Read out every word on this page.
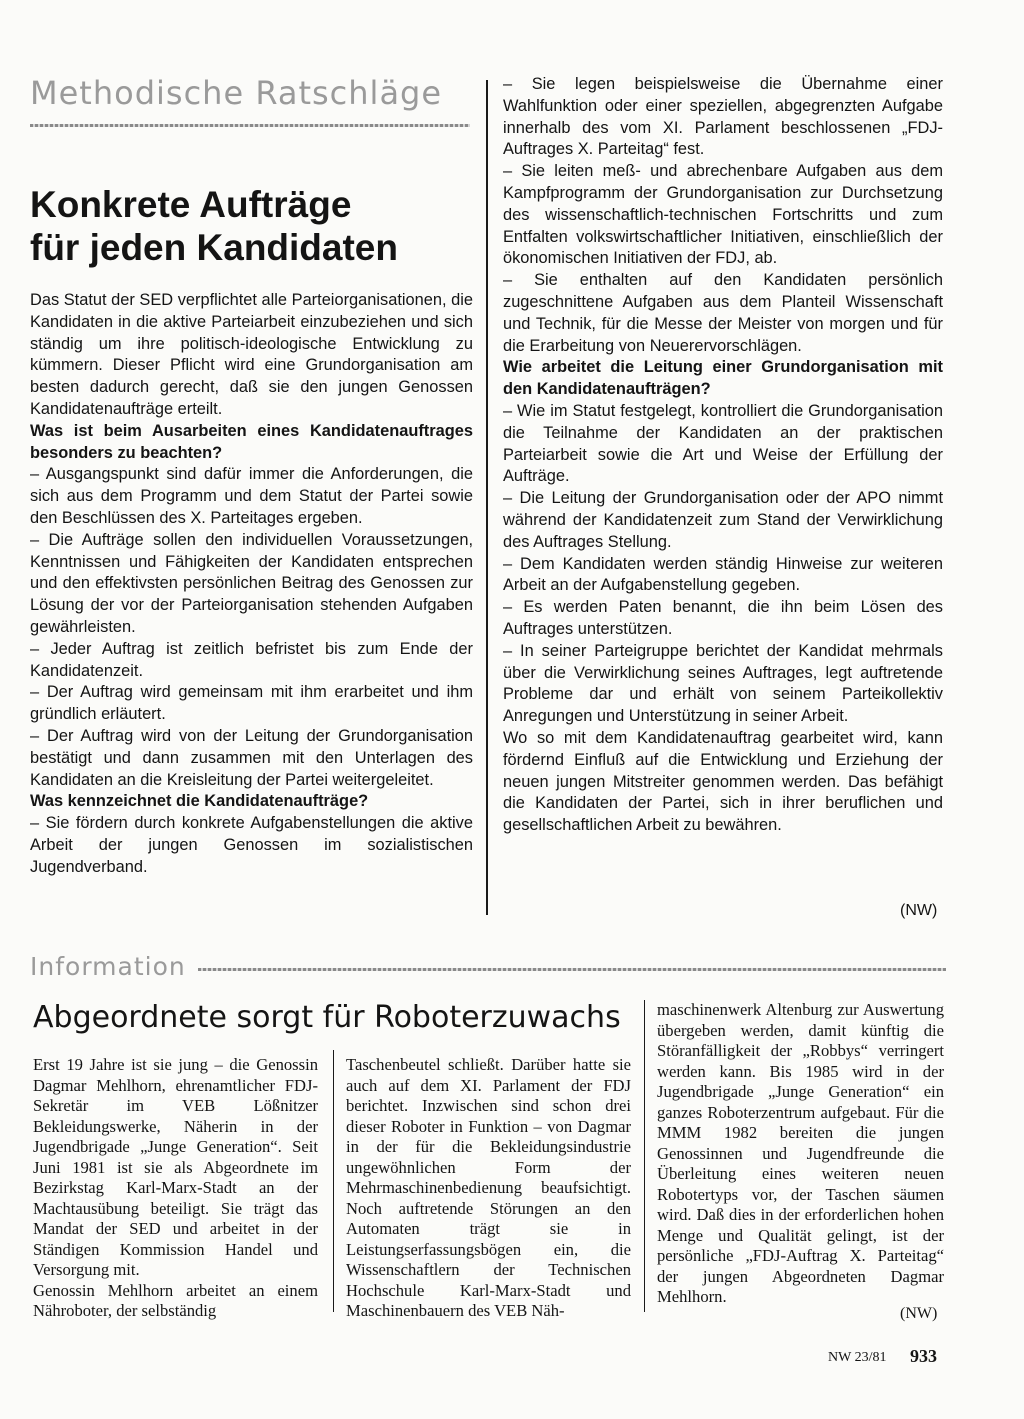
Methodische Ratschläge
Konkrete Aufträge
für jeden Kandidaten

Das Statut der SED verpflichtet alle Parteiorganisationen, die Kandidaten in die aktive Parteiarbeit einzubeziehen und sich ständig um ihre politisch-ideologische Entwicklung zu kümmern. Dieser Pflicht wird eine Grundorganisation am besten dadurch gerecht, daß sie den jungen Genossen Kandidatenaufträge erteilt.

Was ist beim Ausarbeiten eines Kandidatenauftrages besonders zu beachten?

– Ausgangspunkt sind dafür immer die Anforderungen, die sich aus dem Programm und dem Statut der Partei sowie den Beschlüssen des X. Parteitages ergeben.

– Die Aufträge sollen den individuellen Voraussetzungen, Kenntnissen und Fähigkeiten der Kandidaten entsprechen und den effektivsten persönlichen Beitrag des Genossen zur Lösung der vor der Parteiorganisation stehenden Aufgaben gewährleisten.

– Jeder Auftrag ist zeitlich befristet bis zum Ende der Kandidatenzeit.

– Der Auftrag wird gemeinsam mit ihm erarbeitet und ihm gründlich erläutert.

– Der Auftrag wird von der Leitung der Grundorganisation bestätigt und dann zusammen mit den Unterlagen des Kandidaten an die Kreisleitung der Partei weitergeleitet.

Was kennzeichnet die Kandidatenaufträge?

– Sie fördern durch konkrete Aufgabenstellungen die aktive Arbeit der jungen Genossen im sozialistischen Jugendverband.

– Sie legen beispielsweise die Übernahme einer Wahlfunktion oder einer speziellen, abgegrenzten Aufgabe innerhalb des vom XI. Parlament beschlossenen „FDJ-Auftrages X. Parteitag“ fest.

– Sie leiten meß- und abrechenbare Aufgaben aus dem Kampfprogramm der Grundorganisation zur Durchsetzung des wissenschaftlich-technischen Fortschritts und zum Entfalten volkswirtschaftlicher Initiativen, einschließlich der ökonomischen Initiativen der FDJ, ab.

– Sie enthalten auf den Kandidaten persönlich zugeschnittene Aufgaben aus dem Planteil Wissenschaft und Technik, für die Messe der Meister von morgen und für die Erarbeitung von Neuerervorschlägen.

Wie arbeitet die Leitung einer Grundorganisation mit den Kandidatenaufträgen?

– Wie im Statut festgelegt, kontrolliert die Grundorganisation die Teilnahme der Kandidaten an der praktischen Parteiarbeit sowie die Art und Weise der Erfüllung der Aufträge.

– Die Leitung der Grundorganisation oder der APO nimmt während der Kandidatenzeit zum Stand der Verwirklichung des Auftrages Stellung.

– Dem Kandidaten werden ständig Hinweise zur weiteren Arbeit an der Aufgabenstellung gegeben.

– Es werden Paten benannt, die ihn beim Lösen des Auftrages unterstützen.

– In seiner Parteigruppe berichtet der Kandidat mehrmals über die Verwirklichung seines Auftrages, legt auftretende Probleme dar und erhält von seinem Parteikollektiv Anregungen und Unterstützung in seiner Arbeit.

Wo so mit dem Kandidatenauftrag gearbeitet wird, kann fördernd Einfluß auf die Entwicklung und Erziehung der neuen jungen Mitstreiter genommen werden. Das befähigt die Kandidaten der Partei, sich in ihrer beruflichen und gesellschaftlichen Arbeit zu bewähren.

(NW)
Information
Abgeordnete sorgt für Roboterzuwachs

Erst 19 Jahre ist sie jung – die Genossin Dagmar Mehlhorn, ehrenamtlicher FDJ-Sekretär im VEB Lößnitzer Bekleidungswerke, Näherin in der Jugendbrigade „Junge Generation“. Seit Juni 1981 ist sie als Abgeordnete im Bezirkstag Karl-Marx-Stadt an der Machtausübung beteiligt. Sie trägt das Mandat der SED und arbeitet in der Ständigen Kommission Handel und Versorgung mit.

Genossin Mehlhorn arbeitet an einem Nähroboter, der selbständig

Taschenbeutel schließt. Darüber hatte sie auch auf dem XI. Parlament der FDJ berichtet. Inzwischen sind schon drei dieser Roboter in Funktion – von Dagmar in der für die Bekleidungsindustrie ungewöhnlichen Form der Mehrmaschinenbedienung beaufsichtigt. Noch auftretende Störungen an den Automaten trägt sie in Leistungserfassungsbögen ein, die Wissenschaftlern der Technischen Hochschule Karl-Marx-Stadt und Maschinenbauern des VEB Näh-

maschinenwerk Altenburg zur Auswertung übergeben werden, damit künftig die Störanfälligkeit der „Robbys“ verringert werden kann. Bis 1985 wird in der Jugendbrigade „Junge Generation“ ein ganzes Roboterzentrum aufgebaut. Für die MMM 1982 bereiten die jungen Genossinnen und Jugendfreunde die Überleitung eines weiteren neuen Robotertyps vor, der Taschen säumen wird. Daß dies in der erforderlichen hohen Menge und Qualität gelingt, ist der persönliche „FDJ-Auftrag X. Parteitag“ der jungen Abgeordneten Dagmar Mehlhorn.

(NW)
NW 23/81 933
